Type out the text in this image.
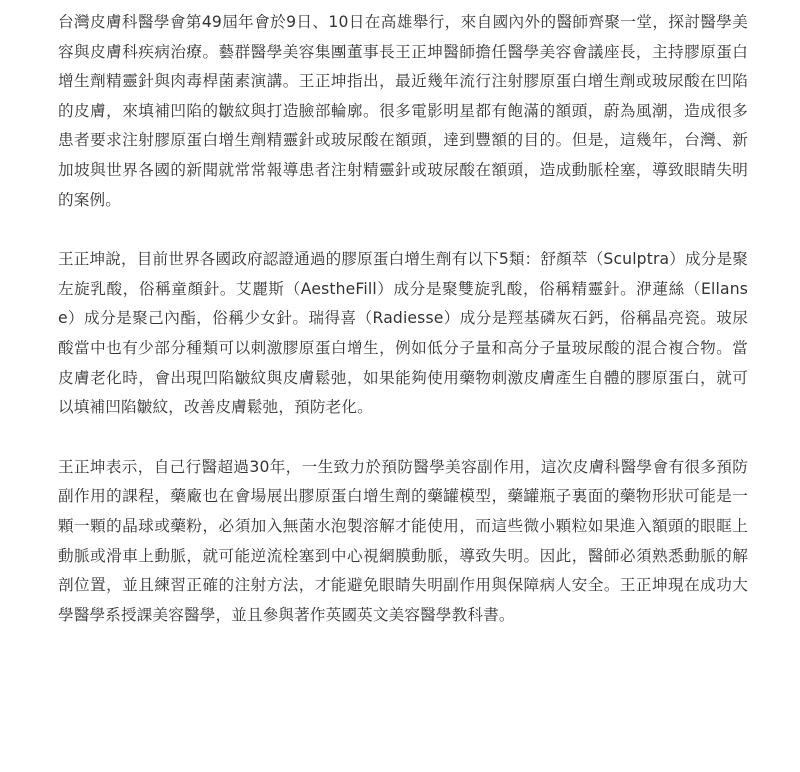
台灣皮膚科醫學會第49屆年會於9日、10日在高雄舉行，來自國內外的醫師齊聚一堂，探討醫學美容與皮膚科疾病治療。藝群醫學美容集團董事長王正坤醫師擔任醫學美容會議座長，主持膠原蛋白增生劑精靈針與肉毒桿菌素演講。王正坤指出，最近幾年流行注射膠原蛋白增生劑或玻尿酸在凹陷的皮膚，來填補凹陷的皺紋與打造臉部輪廓。很多電影明星都有飽滿的額頭，蔚為風潮，造成很多患者要求注射膠原蛋白增生劑精靈針或玻尿酸在額頭，達到豐額的目的。但是，這幾年，台灣、新加坡與世界各國的新聞就常常報導患者注射精靈針或玻尿酸在額頭，造成動脈栓塞，導致眼睛失明的案例。

王正坤說，目前世界各國政府認證通過的膠原蛋白增生劑有以下5類：舒顏萃（Sculptra）成分是聚左旋乳酸，俗稱童顏針。艾麗斯（AestheFill）成分是聚雙旋乳酸，俗稱精靈針。洢蓮絲（Ellanse）成分是聚己內酯，俗稱少女針。瑞得喜（Radiesse）成分是羥基磷灰石鈣，俗稱晶亮瓷。玻尿酸當中也有少部分種類可以刺激膠原蛋白增生，例如低分子量和高分子量玻尿酸的混合複合物。當皮膚老化時，會出現凹陷皺紋與皮膚鬆弛，如果能夠使用藥物刺激皮膚產生自體的膠原蛋白，就可以填補凹陷皺紋，改善皮膚鬆弛，預防老化。

王正坤表示，自己行醫超過30年，一生致力於預防醫學美容副作用，這次皮膚科醫學會有很多預防副作用的課程，藥廠也在會場展出膠原蛋白增生劑的藥罐模型，藥罐瓶子裏面的藥物形狀可能是一顆一顆的晶球或藥粉，必須加入無菌水泡製溶解才能使用，而這些微小顆粒如果進入額頭的眼眶上動脈或滑車上動脈，就可能逆流栓塞到中心視網膜動脈，導致失明。因此，醫師必須熟悉動脈的解剖位置，並且練習正確的注射方法，才能避免眼睛失明副作用與保障病人安全。王正坤現在成功大學醫學系授課美容醫學，並且參與著作英國英文美容醫學教科書。
